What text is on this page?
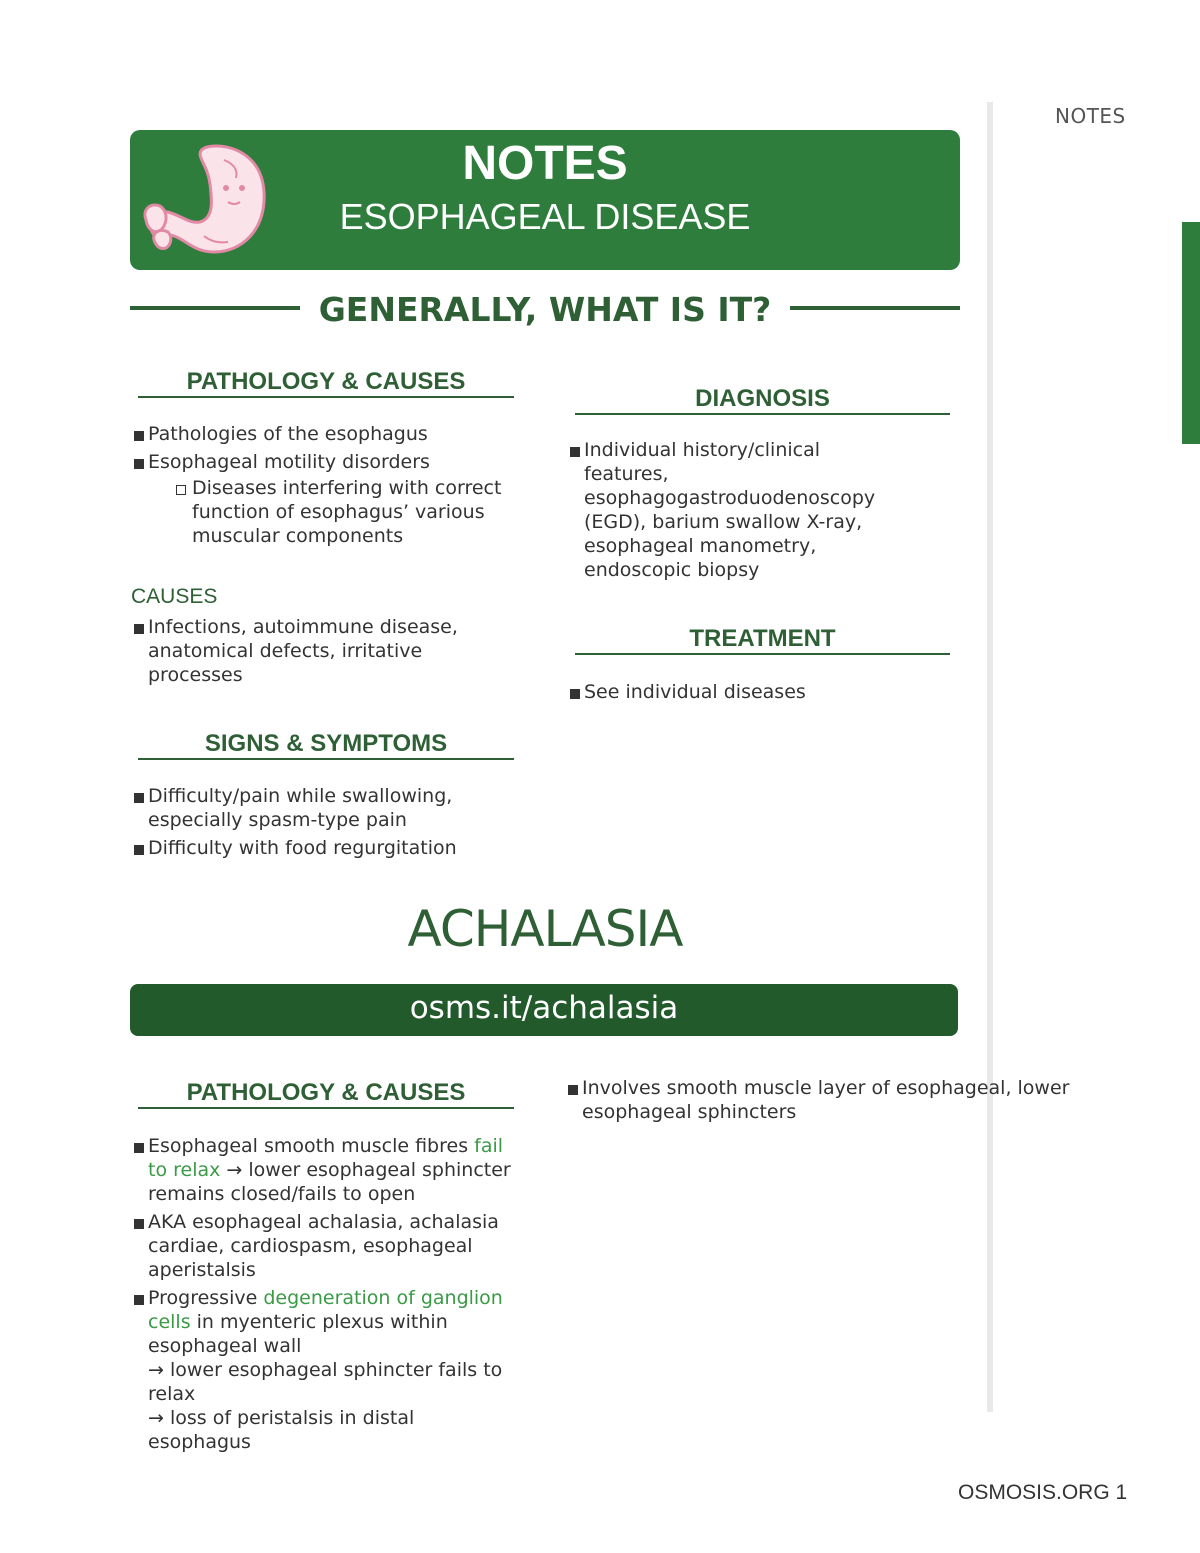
NOTES
NOTES
ESOPHAGEAL DISEASE
GENERALLY, WHAT IS IT?
PATHOLOGY & CAUSES
Pathologies of the esophagus
Esophageal motility disorders
Diseases interfering with correct function of esophagus’ various muscular components
CAUSES
Infections, autoimmune disease, anatomical defects, irritative processes
SIGNS & SYMPTOMS
Difficulty/pain while swallowing, especially spasm-type pain
Difficulty with food regurgitation
DIAGNOSIS
Individual history/clinical features, esophagogastroduodenoscopy (EGD), barium swallow X-ray, esophageal manometry, endoscopic biopsy
TREATMENT
See individual diseases
ACHALASIA
osms.it/achalasia
PATHOLOGY & CAUSES
Esophageal smooth muscle fibres fail to relax → lower esophageal sphincter remains closed/fails to open
AKA esophageal achalasia, achalasia cardiae, cardiospasm, esophageal aperistalsis
Progressive degeneration of ganglion cells in myenteric plexus within esophageal wall
→ lower esophageal sphincter fails to relax
→ loss of peristalsis in distal esophagus
Involves smooth muscle layer of esophageal, lower esophageal sphincters
OSMOSIS.ORG 1
